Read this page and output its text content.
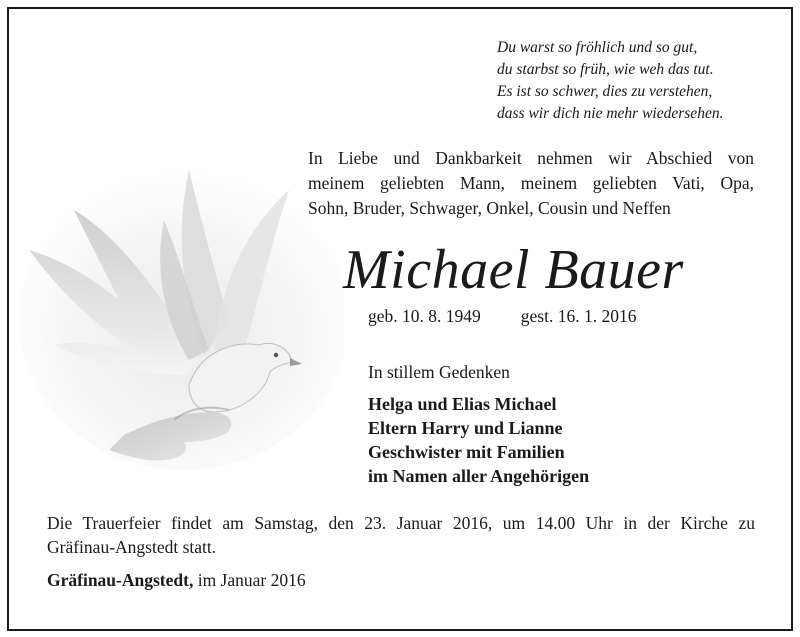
Du warst so fröhlich und so gut,
du starbst so früh, wie weh das tut.
Es ist so schwer, dies zu verstehen,
dass wir dich nie mehr wiedersehen.
In Liebe und Dankbarkeit nehmen wir Abschied von
meinem geliebten Mann, meinem geliebten Vati, Opa,
Sohn, Bruder, Schwager, Onkel, Cousin und Neffen
Michael Bauer
geb. 10. 8. 1949 gest. 16. 1. 2016
In stillem Gedenken
Helga und Elias Michael
Eltern Harry und Lianne
Geschwister mit Familien
im Namen aller Angehörigen
Die Trauerfeier findet am Samstag, den 23. Januar 2016, um 14.00 Uhr in der Kirche zu
Gräfinau-Angstedt statt.
Gräfinau-Angstedt, im Januar 2016
